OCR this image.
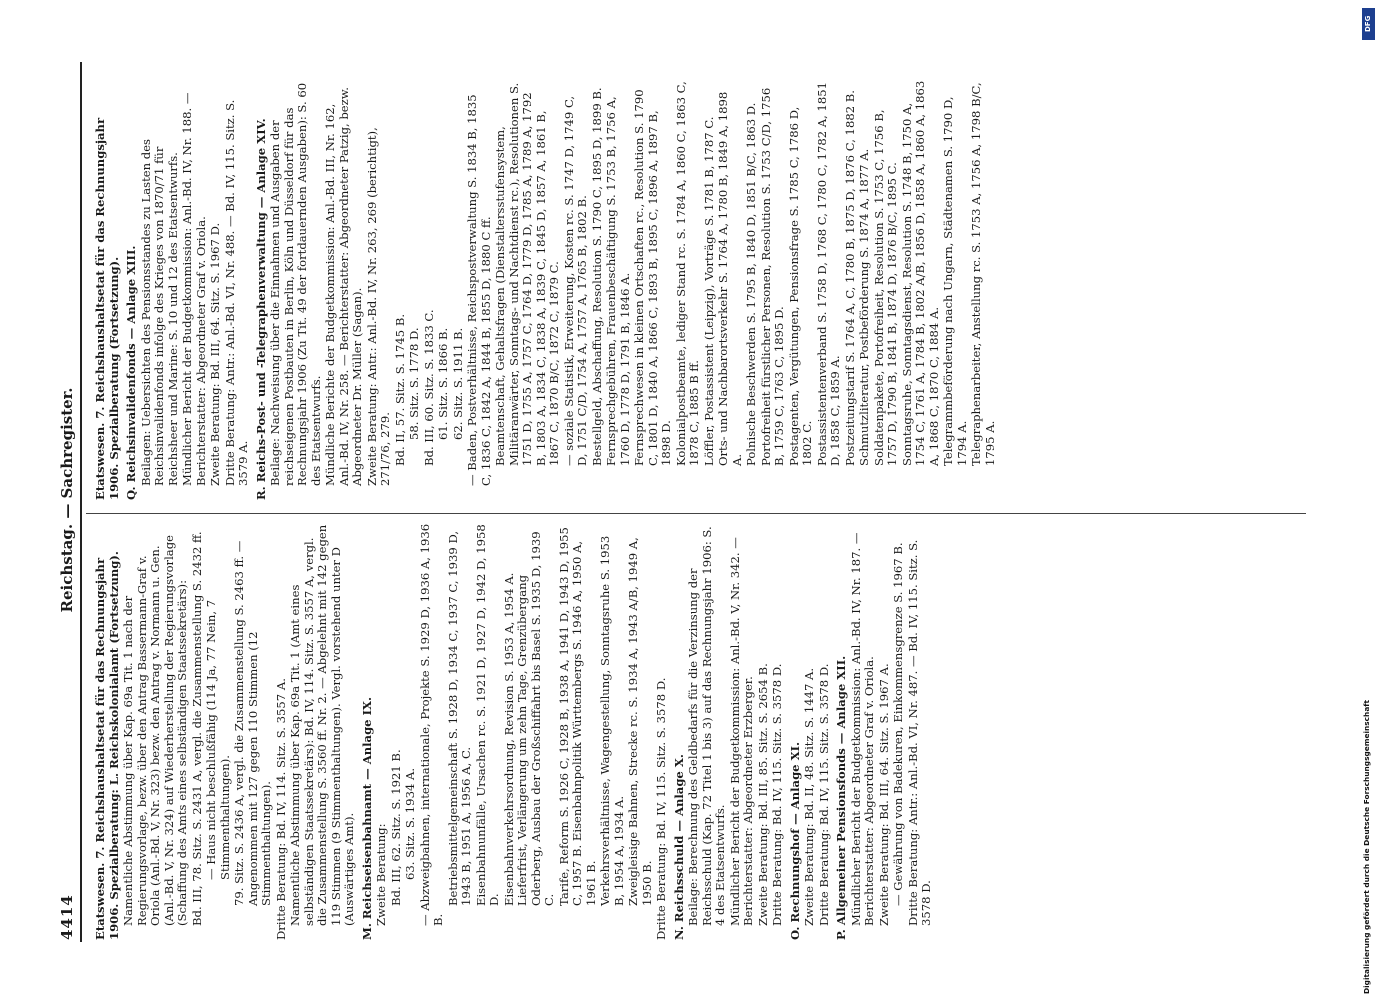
4414
Reichstag. — Sachregister.

Etatswesen. 7. Reichshaushaltsetat für das Rechnungsjahr 1906. Spezialberatung: L. Reichskolonialamt (Fortsetzung). Namentliche Abstimmung über Kap. 69a Tit. 1 nach der Regierungsvorlage, bezw. über den Antrag Bassermann-Graf v. Oriola (Anl.-Bd. V, Nr. 323) bezw. den Antrag v. Normann u. Gen. (Anl.-Bd. V, Nr. 324) auf Wiederherstellung der Regierungsvorlage (Schaffung des Amts eines selbständigen Staatssekretärs): Bd. III, 78. Sitz. S. 2431 A, vergl. die Zusammenstellung S. 2432 ff. — Haus nicht beschlußfähig (114 Ja, 77 Nein, 7 Stimmenthaltungen). 79. Sitz. S. 2436 A, vergl. die Zusammenstellung S. 2463 ff. — Angenommen mit 127 gegen 110 Stimmen (12 Stimmenthaltungen). Dritte Beratung: Bd. IV, 114. Sitz. S. 3557 A. Namentliche Abstimmung über Kap. 69a Tit. 1 (Amt eines selbständigen Staatssekretärs): Bd. IV, 114. Sitz. S. 3557 A, vergl. die Zusammenstellung S. 3560 ff. Nr. 2. — Abgelehnt mit 142 gegen 119 Stimmen (9 Stimmenthaltungen). Vergl. vorstehend unter D (Auswärtiges Amt). M. Reichseisenbahnamt — Anlage IX. Zweite Beratung: Bd. III, 62. Sitz. S. 1921 B. 63. Sitz. S. 1934 A. — Abzweigbahnen, internationale, Projekte S. 1929 D, 1936 A, 1936 B.

Betriebsmittelgemeinschaft S. 1928 D, 1934 C, 1937 C, 1939 D, 1943 B, 1951 A, 1956 A, C. Eisenbahnunfälle, Ursachen rc. S. 1921 D, 1927 D, 1942 D, 1958 D. Eisenbahnverkehrsordnung, Revision S. 1953 A, 1954 A. Lieferfrist, Verlängerung um zehn Tage, Grenzübergang Oderberg, Ausbau der Großschiffahrt bis Basel S. 1935 D, 1939 C. Tarife, Reform S. 1926 C, 1928 B, 1938 A, 1941 D, 1943 D, 1955 C, 1957 B. Eisenbahnpolitik Württembergs S. 1946 A, 1950 A, 1961 B. Verkehrsverhältnisse, Wagengestellung, Sonntagsruhe S. 1953 B, 1954 A, 1934 A. Zweigleisige Bahnen, Strecke rc. S. 1934 A, 1943 A/B, 1949 A, 1950 B. Dritte Beratung: Bd. IV, 115. Sitz. S. 3578 D. N. Reichsschuld — Anlage X. Beilage: Berechnung des Geldbedarfs für die Verzinsung der Reichsschuld (Kap. 72 Titel 1 bis 3) auf das Rechnungsjahr 1906: S. 4 des Etatsentwurfs. Mündlicher Bericht der Budgetkommission: Anl.-Bd. V, Nr. 342. — Berichterstatter: Abgeordneter Erzberger. Zweite Beratung: Bd. III, 85. Sitz. S. 2654 B. Dritte Beratung: Bd. IV, 115. Sitz. S. 3578 D. O. Rechnungshof — Anlage XI. Zweite Beratung: Bd. II, 48. Sitz. S. 1447 A. Dritte Beratung: Bd. IV, 115. Sitz. S. 3578 D. P. Allgemeiner Pensionsfonds — Anlage XII. Mündlicher Bericht der Budgetkommission: Anl.-Bd. IV, Nr. 187. — Berichterstatter: Abgeordneter Graf v. Oriola. Zweite Beratung: Bd. III, 64. Sitz. S. 1967 A. — Gewährung von Badekuren, Einkommensgrenze S. 1967 B. Dritte Beratung: Antr.: Anl.-Bd. VI, Nr. 487. — Bd. IV, 115. Sitz. S. 3578 D.

Etatswesen. 7. Reichshaushaltsetat für das Rechnungsjahr 1906. Spezialberatung (Fortsetzung). Q. Reichsinvalidenfonds — Anlage XIII. Beilagen: Uebersichten des Pensionsstandes zu Lasten des Reichsinvalidenfonds infolge des Krieges von 1870/71 für Reichsheer und Marine: S. 10 und 12 des Etatsentwurfs. Mündlicher Bericht der Budgetkommission: Anl.-Bd. IV, Nr. 188. — Berichterstatter: Abgeordneter Graf v. Oriola. Zweite Beratung: Bd. III, 64. Sitz. S. 1967 D. Dritte Beratung: Antr.: Anl.-Bd. VI, Nr. 488. — Bd. IV, 115. Sitz. S. 3579 A. R. Reichs-Post- und -Telegraphenverwaltung — Anlage XIV. Beilage: Nachweisung über die Einnahmen und Ausgaben der reichseigenen Postbauten in Berlin, Köln und Düsseldorf für das Rechnungsjahr 1906 (Zu Tit. 49 der fortdauernden Ausgaben): S. 60 des Etatsentwurfs. Mündliche Berichte der Budgetkommission: Anl.-Bd. III, Nr. 162, Anl.-Bd. IV, Nr. 258. — Berichterstatter: Abgeordneter Patzig, bezw. Abgeordneter Dr. Müller (Sagan). Zweite Beratung: Antr.: Anl.-Bd. IV, Nr. 263, 269 (berichtigt), 271/76, 279. Bd. II, 57. Sitz. S. 1745 B. 58. Sitz. S. 1778 D. Bd. III, 60. Sitz. S. 1833 C. 61. Sitz. S. 1866 B. 62. Sitz. S. 1911 B. — Baden, Postverhältnisse, Reichspostverwaltung S. 1834 B, 1835 C, 1836 C, 1842 A, 1844 B, 1855 D, 1880 C ff. Beamtenschaft, Gehaltsfragen (Dienstaltersstufensystem, Militäranwärter, Sonntags- und Nachtdienst rc.), Resolutionen S. 1751 D, 1755 A, 1757 C, 1764 D, 1779 D, 1785 A, 1789 A, 1792 B, 1803 A, 1834 C, 1838 A, 1839 C, 1845 D, 1857 A, 1861 B, 1867 C, 1870 B/C, 1872 C, 1879 C. — soziale Statistik, Erweiterung, Kosten rc. S. 1747 D, 1749 C, D, 1751 C/D, 1754 A, 1757 A, 1765 B, 1802 B. Bestellgeld, Abschaffung, Resolution S. 1790 C, 1895 D, 1899 B. Fernsprechgebühren, Frauenbeschäftigung S. 1753 B, 1756 A, 1760 D, 1778 D, 1791 B, 1846 A. Fernsprechwesen in kleinen Ortschaften rc., Resolution S. 1790 C, 1801 D, 1840 A, 1866 C, 1893 B, 1895 C, 1896 A, 1897 B, 1898 D. Kolonialpostbeamte, lediger Stand rc. S. 1784 A, 1860 C, 1863 C, 1878 C, 1885 B ff. Löffler, Postassistent (Leipzig), Vorträge S. 1781 B, 1787 C. Orts- und Nachbarortsverkehr S. 1764 A, 1780 B, 1849 A, 1898 A. Polnische Beschwerden S. 1795 B, 1840 D, 1851 B/C, 1863 D. Portofreiheit fürstlicher Personen, Resolution S. 1753 C/D, 1756 B, 1759 C, 1763 C, 1895 D. Postagenten, Vergütungen, Pensionsfrage S. 1785 C, 1786 D, 1802 C. Postassistentenverband S. 1758 D, 1768 C, 1780 C, 1782 A, 1851 D, 1858 C, 1859 A. Postzeitungstarif S. 1764 A, C, 1780 B, 1875 D, 1876 C, 1882 B. Schmutzliteratur, Postbeförderung S. 1874 A, 1877 A. Soldatenpakete, Portofreiheit, Resolution S. 1753 C, 1756 B, 1757 D, 1790 B, 1841 B, 1874 D, 1876 B/C, 1895 C. Sonntagsruhe, Sonntagsdienst, Resolution S. 1748 B, 1750 A, 1754 C, 1761 A, 1784 B, 1802 A/B, 1856 D, 1858 A, 1860 A, 1863 A, 1868 C, 1870 C, 1884 A. Telegrammbeförderung nach Ungarn, Städtenamen S. 1790 D, 1794 A. Telegraphenarbeiter, Anstellung rc. S. 1753 A, 1756 A, 1798 B/C, 1795 A.

DFG
Digitalisierung gefördert durch die Deutsche Forschungsgemeinschaft
